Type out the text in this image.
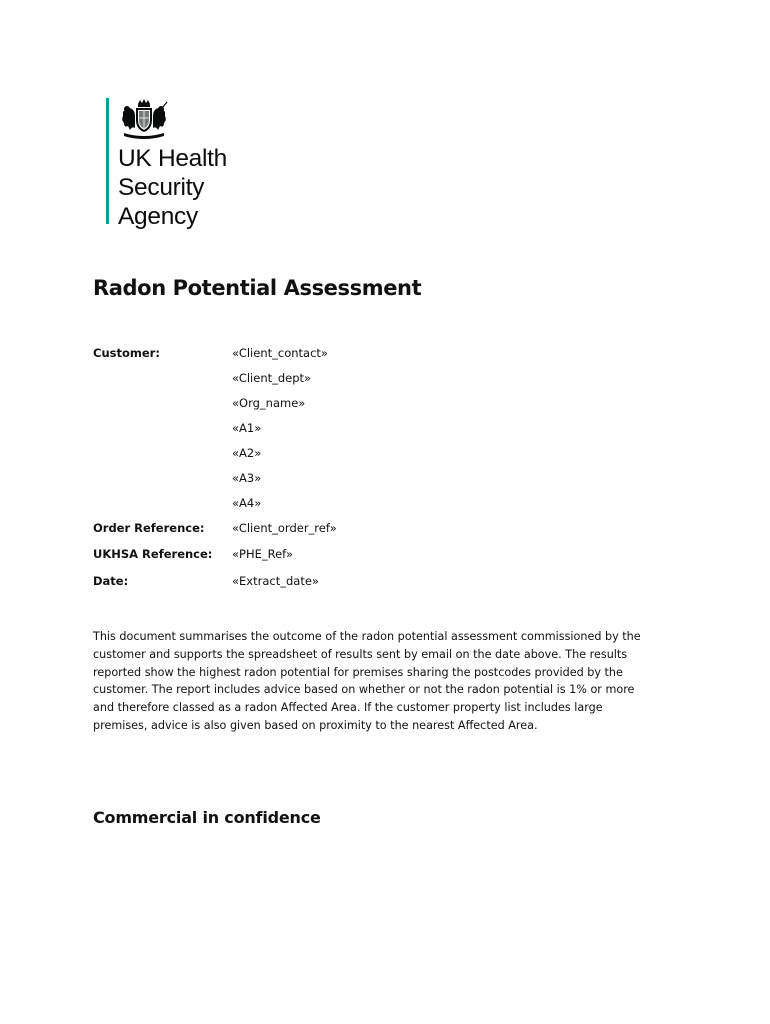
UK Health
Security
Agency
Radon Potential Assessment
Customer:	«Client_contact»
«Client_dept»
«Org_name»
«A1»
«A2»
«A3»
«A4»
Order Reference: «Client_order_ref»
UKHSA Reference: «PHE_Ref»
Date:	«Extract_date»
This document summarises the outcome of the radon potential assessment commissioned by the
customer and supports the spreadsheet of results sent by email on the date above. The results
reported show the highest radon potential for premises sharing the postcodes provided by the
customer. The report includes advice based on whether or not the radon potential is 1% or more
and therefore classed as a radon Affected Area. If the customer property list includes large
premises, advice is also given based on proximity to the nearest Affected Area.
Commercial in confidence
